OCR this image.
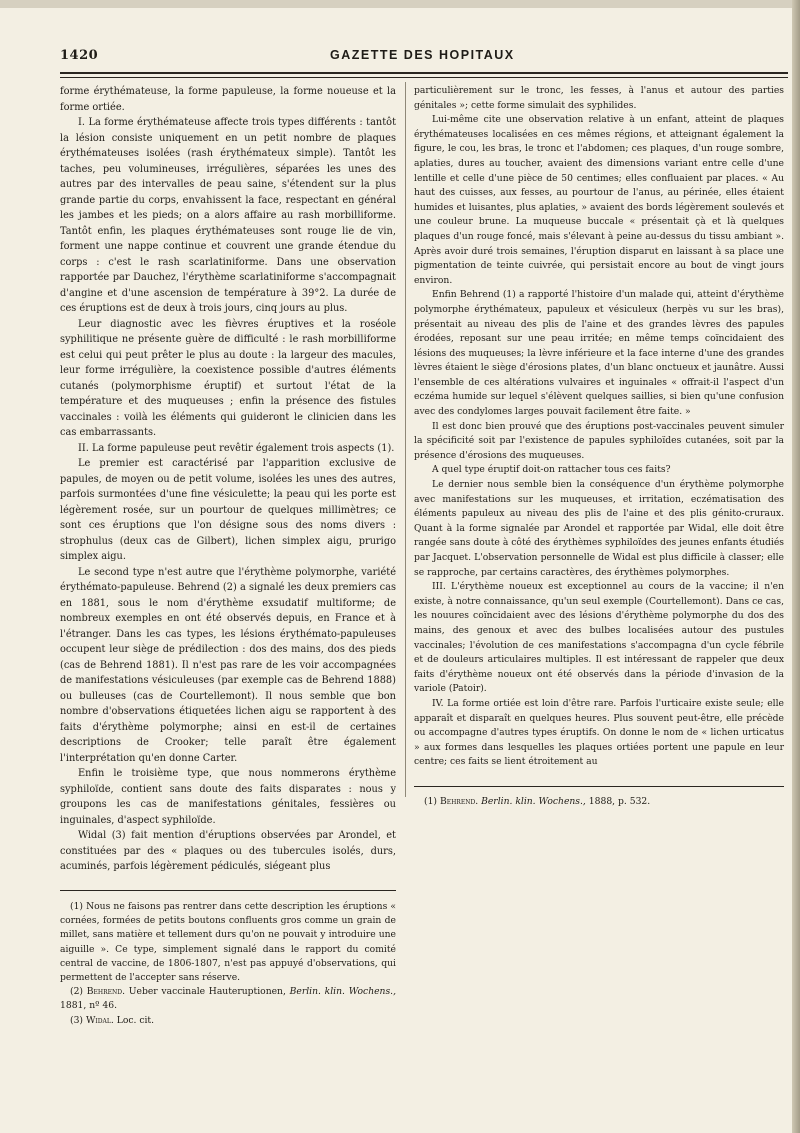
1420	GAZETTE DES HOPITAUX

forme érythémateuse, la forme papuleuse, la forme noueuse et la forme ortiée.

I. La forme érythémateuse affecte trois types différents : tantôt la lésion consiste uniquement en un petit nombre de plaques érythémateuses isolées (rash érythémateux simple). Tantôt les taches, peu volumineuses, irrégulières, séparées les unes des autres par des intervalles de peau saine, s'étendent sur la plus grande partie du corps, envahissent la face, respectant en général les jambes et les pieds; on a alors affaire au rash morbilliforme. Tantôt enfin, les plaques érythémateuses sont rouge lie de vin, forment une nappe continue et couvrent une grande étendue du corps : c'est le rash scarlatiniforme. Dans une observation rapportée par Dauchez, l'érythème scarlatiniforme s'accompagnait d'angine et d'une ascension de température à 39°2. La durée de ces éruptions est de deux à trois jours, cinq jours au plus.

Leur diagnostic avec les fièvres éruptives et la roséole syphilitique ne présente guère de difficulté : le rash morbilliforme est celui qui peut prêter le plus au doute : la largeur des macules, leur forme irrégulière, la coexistence possible d'autres éléments cutanés (polymorphisme éruptif) et surtout l'état de la température et des muqueuses ; enfin la présence des fistules vaccinales : voilà les éléments qui guideront le clinicien dans les cas embarrassants.

II. La forme papuleuse peut revêtir également trois aspects (1).

Le premier est caractérisé par l'apparition exclusive de papules, de moyen ou de petit volume, isolées les unes des autres, parfois surmontées d'une fine vésiculette; la peau qui les porte est légèrement rosée, sur un pourtour de quelques millimètres; ce sont ces éruptions que l'on désigne sous des noms divers : strophulus (deux cas de Gilbert), lichen simplex aigu, prurigo simplex aigu.

Le second type n'est autre que l'érythème polymorphe, variété érythémato-papuleuse. Behrend (2) a signalé les deux premiers cas en 1881, sous le nom d'érythème exsudatif multiforme; de nombreux exemples en ont été observés depuis, en France et à l'étranger. Dans les cas types, les lésions érythémato-papuleuses occupent leur siège de prédilection : dos des mains, dos des pieds (cas de Behrend 1881). Il n'est pas rare de les voir accompagnées de manifestations vésiculeuses (par exemple cas de Behrend 1888) ou bulleuses (cas de Courtellemont). Il nous semble que bon nombre d'observations étiquetées lichen aigu se rapportent à des faits d'érythème polymorphe; ainsi en est-il de certaines descriptions de Crooker; telle paraît être également l'interprétation qu'en donne Carter.

Enfin le troisième type, que nous nommerons érythème syphiloïde, contient sans doute des faits disparates : nous y groupons les cas de manifestations génitales, fessières ou inguinales, d'aspect syphiloïde.

Widal (3) fait mention d'éruptions observées par Arondel, et constituées par des « plaques ou des tubercules isolés, durs, acuminés, parfois légèrement pédiculés, siégeant plus

particulièrement sur le tronc, les fesses, à l'anus et autour des parties génitales »; cette forme simulait des syphilides.

Lui-même cite une observation relative à un enfant, atteint de plaques érythémateuses localisées en ces mêmes régions, et atteignant également la figure, le cou, les bras, le tronc et l'abdomen; ces plaques, d'un rouge sombre, aplaties, dures au toucher, avaient des dimensions variant entre celle d'une lentille et celle d'une pièce de 50 centimes; elles confluaient par places. « Au haut des cuisses, aux fesses, au pourtour de l'anus, au périnée, elles étaient humides et luisantes, plus aplaties, » avaient des bords légèrement soulevés et une couleur brune. La muqueuse buccale « présentait çà et là quelques plaques d'un rouge foncé, mais s'élevant à peine au-dessus du tissu ambiant ». Après avoir duré trois semaines, l'éruption disparut en laissant à sa place une pigmentation de teinte cuivrée, qui persistait encore au bout de vingt jours environ.

Enfin Behrend (1) a rapporté l'histoire d'un malade qui, atteint d'érythème polymorphe érythémateux, papuleux et vésiculeux (herpès vu sur les bras), présentait au niveau des plis de l'aine et des grandes lèvres des papules érodées, reposant sur une peau irritée; en même temps coïncidaient des lésions des muqueuses; la lèvre inférieure et la face interne d'une des grandes lèvres étaient le siège d'érosions plates, d'un blanc onctueux et jaunâtre. Aussi l'ensemble de ces altérations vulvaires et inguinales « offrait-il l'aspect d'un eczéma humide sur lequel s'élèvent quelques saillies, si bien qu'une confusion avec des condylomes larges pouvait facilement être faite. »

Il est donc bien prouvé que des éruptions post-vaccinales peuvent simuler la spécificité soit par l'existence de papules syphiloïdes cutanées, soit par la présence d'érosions des muqueuses.

A quel type éruptif doit-on rattacher tous ces faits?

Le dernier nous semble bien la conséquence d'un érythème polymorphe avec manifestations sur les muqueuses, et irritation, eczématisation des éléments papuleux au niveau des plis de l'aine et des plis génito-cruraux. Quant à la forme signalée par Arondel et rapportée par Widal, elle doit être rangée sans doute à côté des érythèmes syphiloïdes des jeunes enfants étudiés par Jacquet. L'observation personnelle de Widal est plus difficile à classer; elle se rapproche, par certains caractères, des érythèmes polymorphes.

III. L'érythème noueux est exceptionnel au cours de la vaccine; il n'en existe, à notre connaissance, qu'un seul exemple (Courtellemont). Dans ce cas, les nouures coïncidaient avec des lésions d'érythème polymorphe du dos des mains, des genoux et avec des bulbes localisées autour des pustules vaccinales; l'évolution de ces manifestations s'accompagna d'un cycle fébrile et de douleurs articulaires multiples. Il est intéressant de rappeler que deux faits d'érythème noueux ont été observés dans la période d'invasion de la variole (Patoir).

IV. La forme ortiée est loin d'être rare. Parfois l'urticaire existe seule; elle apparaît et disparaît en quelques heures. Plus souvent peut-être, elle précède ou accompagne d'autres types éruptifs. On donne le nom de « lichen urticatus » aux formes dans lesquelles les plaques ortiées portent une papule en leur centre; ces faits se lient étroitement au

(1) Nous ne faisons pas rentrer dans cette description les éruptions « cornées, formées de petits boutons confluents gros comme un grain de millet, sans matière et tellement durs qu'on ne pouvait y introduire une aiguille ». Ce type, simplement signalé dans le rapport du comité central de vaccine, de 1806-1807, n'est pas appuyé d'observations, qui permettent de l'accepter sans réserve.

(2) Behrend. Ueber vaccinale Hauteruptionen, Berlin. klin. Wochens., 1881, nº 46.

(3) Widal. Loc. cit.

(1) Behrend. Berlin. klin. Wochens., 1888, p. 532.
